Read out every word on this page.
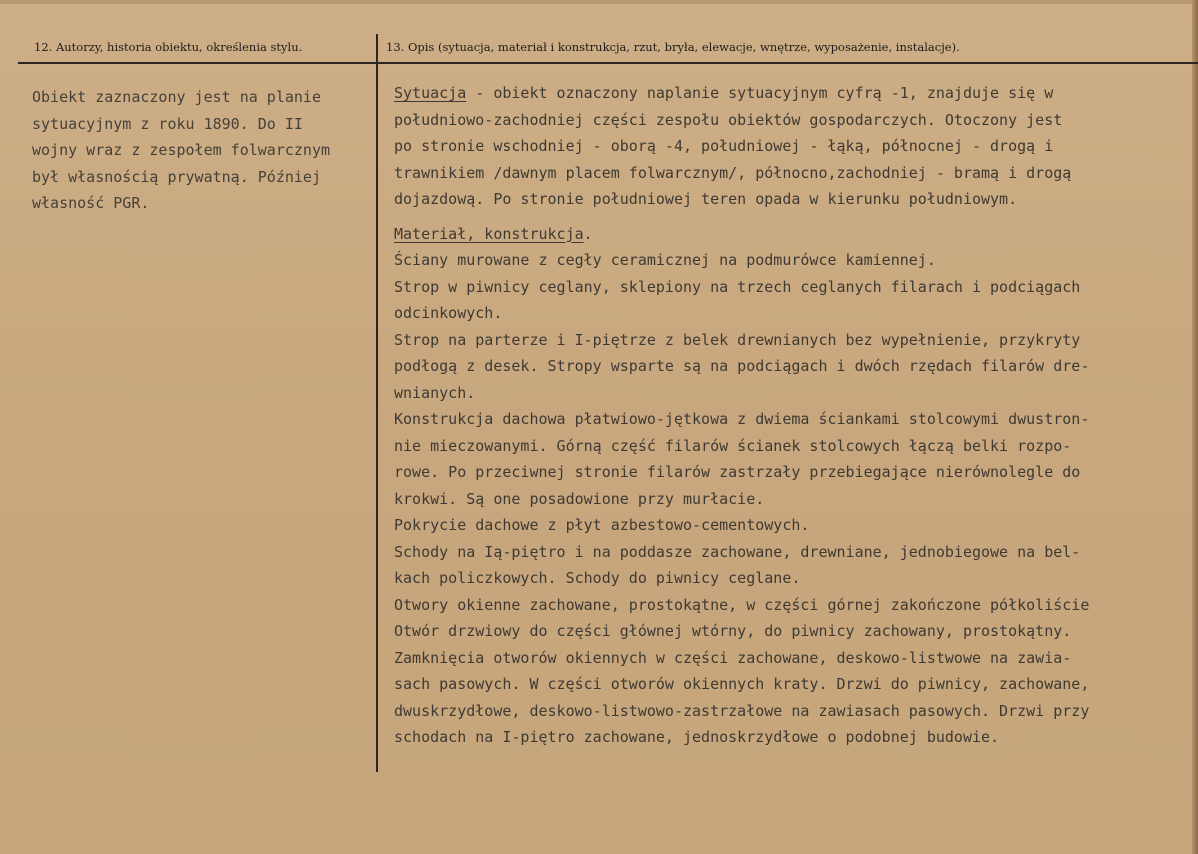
12. Autorzy, historia obiektu, określenia stylu.	13. Opis (sytuacja, materiał i konstrukcja, rzut, bryła, elewacje, wnętrze, wyposażenie, instalacje).
Obiekt zaznaczony jest na planie
sytuacyjnym z roku 1890. Do II
wojny wraz z zespołem folwarcznym
był własnością prywatną. Później
własność PGR.
Sytuacja - obiekt oznaczony naplanie sytuacyjnym cyfrą -1, znajduje się w
południowo-zachodniej części zespołu obiektów gospodarczych. Otoczony jest
po stronie wschodniej - oborą -4, południowej - łąką, północnej - drogą i
trawnikiem /dawnym placem folwarcznym/, północno,zachodniej - bramą i drogą
dojazdową. Po stronie południowej teren opada w kierunku południowym.
Materiał, konstrukcja.
Ściany murowane z cegły ceramicznej na podmurówce kamiennej.
Strop w piwnicy ceglany, sklepiony na trzech ceglanych filarach i podciągach
odcinkowych.
Strop na parterze i I-piętrze z belek drewnianych bez wypełnienie, przykryty
podłogą z desek. Stropy wsparte są na podciągach i dwóch rzędach filarów dre-
wnianych.
Konstrukcja dachowa płatwiowo-jętkowa z dwiema ściankami stolcowymi dwustron-
nie mieczowanymi. Górną część filarów ścianek stolcowych łączą belki rozpo-
rowe. Po przeciwnej stronie filarów zastrzały przebiegające nierównolegle do
krokwi. Są one posadowione przy murłacie.
Pokrycie dachowe z płyt azbestowo-cementowych.
Schody na Ią-piętro i na poddasze zachowane, drewniane, jednobiegowe na bel-
kach policzkowych. Schody do piwnicy ceglane.
Otwory okienne zachowane, prostokątne, w części górnej zakończone półkoliście
Otwór drzwiowy do części głównej wtórny, do piwnicy zachowany, prostokątny.
Zamknięcia otworów okiennych w części zachowane, deskowo-listwowe na zawia-
sach pasowych. W części otworów okiennych kraty. Drzwi do piwnicy, zachowane,
dwuskrzydłowe, deskowo-listwowo-zastrzałowe na zawiasach pasowych. Drzwi przy
schodach na I-piętro zachowane, jednoskrzydłowe o podobnej budowie.
